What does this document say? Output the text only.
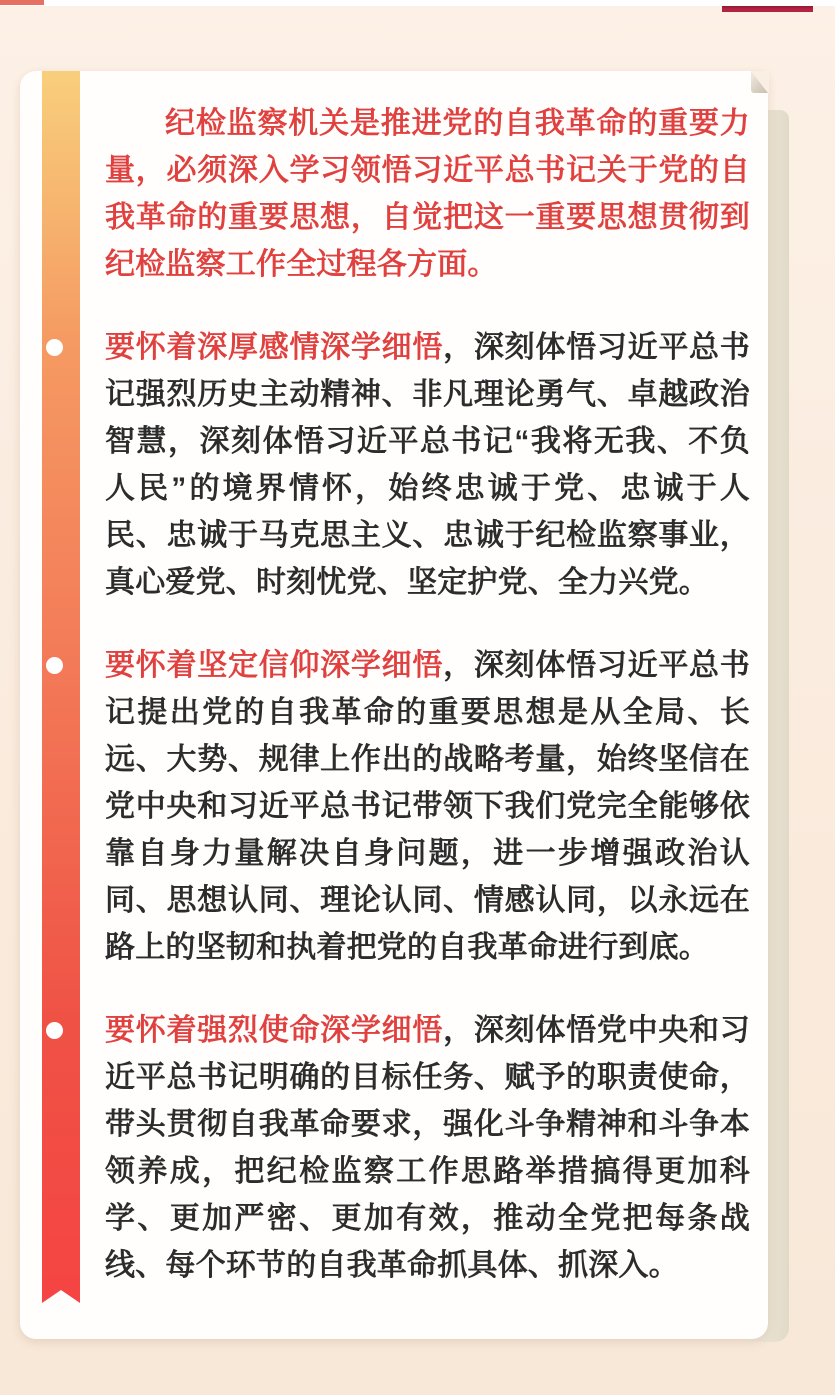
纪检监察机关是推进党的自我革命的重要力量，必须深入学习领悟习近平总书记关于党的自我革命的重要思想，自觉把这一重要思想贯彻到纪检监察工作全过程各方面。

要怀着深厚感情深学细悟，深刻体悟习近平总书记强烈历史主动精神、非凡理论勇气、卓越政治智慧，深刻体悟习近平总书记“我将无我、不负人民”的境界情怀，始终忠诚于党、忠诚于人民、忠诚于马克思主义、忠诚于纪检监察事业，真心爱党、时刻忧党、坚定护党、全力兴党。

要怀着坚定信仰深学细悟，深刻体悟习近平总书记提出党的自我革命的重要思想是从全局、长远、大势、规律上作出的战略考量，始终坚信在党中央和习近平总书记带领下我们党完全能够依靠自身力量解决自身问题，进一步增强政治认同、思想认同、理论认同、情感认同，以永远在路上的坚韧和执着把党的自我革命进行到底。

要怀着强烈使命深学细悟，深刻体悟党中央和习近平总书记明确的目标任务、赋予的职责使命，带头贯彻自我革命要求，强化斗争精神和斗争本领养成，把纪检监察工作思路举措搞得更加科学、更加严密、更加有效，推动全党把每条战线、每个环节的自我革命抓具体、抓深入。
